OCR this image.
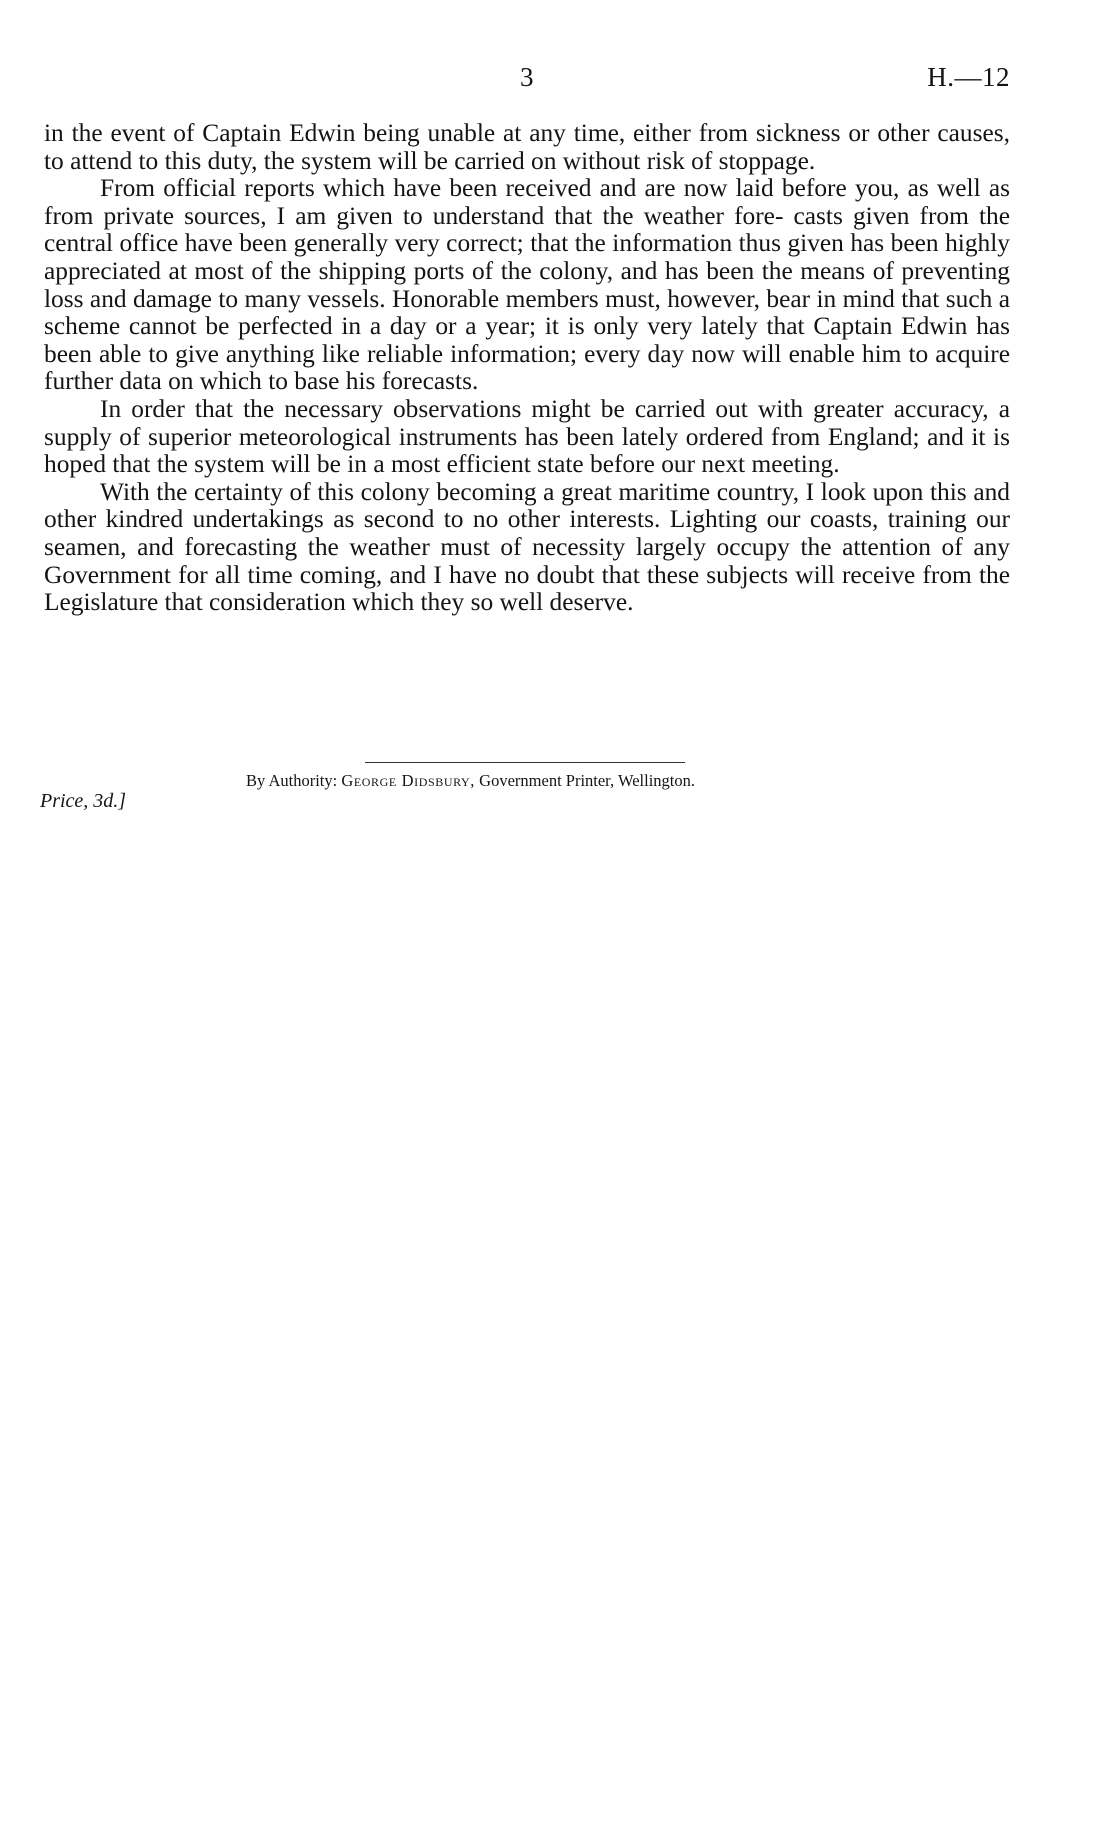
3	H.—12

in the event of Captain Edwin being unable at any time, either from sickness or other causes, to attend to this duty, the system will be carried on without risk of stoppage.

From official reports which have been received and are now laid before you, as well as from private sources, I am given to understand that the weather fore- casts given from the central office have been generally very correct; that the information thus given has been highly appreciated at most of the shipping ports of the colony, and has been the means of preventing loss and damage to many vessels. Honorable members must, however, bear in mind that such a scheme cannot be perfected in a day or a year; it is only very lately that Captain Edwin has been able to give anything like reliable information; every day now will enable him to acquire further data on which to base his forecasts.

In order that the necessary observations might be carried out with greater accuracy, a supply of superior meteorological instruments has been lately ordered from England; and it is hoped that the system will be in a most efficient state before our next meeting.

With the certainty of this colony becoming a great maritime country, I look upon this and other kindred undertakings as second to no other interests. Lighting our coasts, training our seamen, and forecasting the weather must of necessity largely occupy the attention of any Government for all time coming, and I have no doubt that these subjects will receive from the Legislature that consideration which they so well deserve.

By Authority: George Didsbury, Government Printer, Wellington.
Price, 3d.]
